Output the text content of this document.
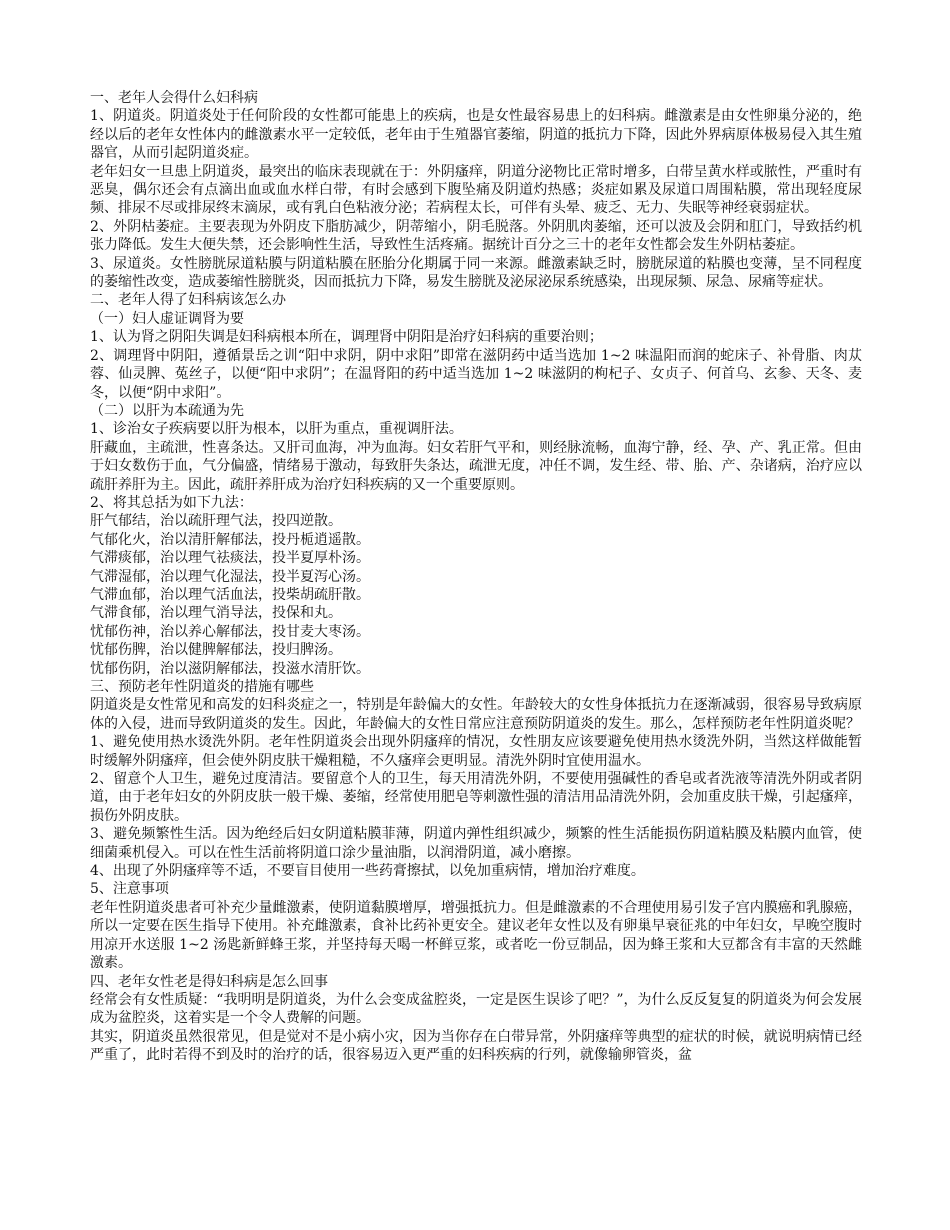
一、老年人会得什么妇科病

1、阴道炎。阴道炎处于任何阶段的女性都可能患上的疾病，也是女性最容易患上的妇科病。雌激素是由女性卵巢分泌的，绝经以后的老年女性体内的雌激素水平一定较低，老年由于生殖器官萎缩，阴道的抵抗力下降，因此外界病原体极易侵入其生殖器官，从而引起阴道炎症。

老年妇女一旦患上阴道炎，最突出的临床表现就在于：外阴瘙痒，阴道分泌物比正常时增多，白带呈黄水样或脓性，严重时有恶臭，偶尔还会有点滴出血或血水样白带，有时会感到下腹坠痛及阴道灼热感；炎症如累及尿道口周围粘膜，常出现轻度尿频、排尿不尽或排尿终末滴尿，或有乳白色粘液分泌；若病程太长，可伴有头晕、疲乏、无力、失眠等神经衰弱症状。

2、外阴枯萎症。主要表现为外阴皮下脂肪减少，阴蒂缩小，阴毛脱落。外阴肌肉萎缩，还可以波及会阴和肛门，导致括约机张力降低。发生大便失禁，还会影响性生活，导致性生活疼痛。据统计百分之三十的老年女性都会发生外阴枯萎症。

3、尿道炎。女性膀胱尿道粘膜与阴道粘膜在胚胎分化期属于同一来源。雌激素缺乏时，膀胱尿道的粘膜也变薄，呈不同程度的萎缩性改变，造成萎缩性膀胱炎，因而抵抗力下降，易发生膀胱及泌尿泌尿系统感染，出现尿频、尿急、尿痛等症状。

二、老年人得了妇科病该怎么办

（一）妇人虚证调肾为要

1、认为肾之阴阳失调是妇科病根本所在，调理肾中阴阳是治疗妇科病的重要治则；

2、调理肾中阴阳，遵循景岳之训“阳中求阴，阴中求阳”即常在滋阴药中适当选加 1~2 味温阳而润的蛇床子、补骨脂、肉苁蓉、仙灵脾、菟丝子，以便“阳中求阴”；在温肾阳的药中适当选加 1~2 味滋阴的枸杞子、女贞子、何首乌、玄参、天冬、麦冬，以便“阴中求阳”。

（二）以肝为本疏通为先

1、诊治女子疾病要以肝为根本，以肝为重点，重视调肝法。

肝藏血，主疏泄，性喜条达。又肝司血海，冲为血海。妇女若肝气平和，则经脉流畅，血海宁静，经、孕、产、乳正常。但由于妇女数伤于血，气分偏盛，情绪易于激动，每致肝失条达，疏泄无度，冲任不调，发生经、带、胎、产、杂诸病，治疗应以疏肝养肝为主。因此，疏肝养肝成为治疗妇科疾病的又一个重要原则。

2、将其总括为如下九法：

肝气郁结，治以疏肝理气法，投四逆散。

气郁化火，治以清肝解郁法，投丹栀逍遥散。

气滞痰郁，治以理气祛痰法，投半夏厚朴汤。

气滞湿郁，治以理气化湿法，投半夏泻心汤。

气滞血郁，治以理气活血法，投柴胡疏肝散。

气滞食郁，治以理气消导法，投保和丸。

忧郁伤神，治以养心解郁法，投甘麦大枣汤。

忧郁伤脾，治以健脾解郁法，投归脾汤。

忧郁伤阴，治以滋阴解郁法，投滋水清肝饮。

三、预防老年性阴道炎的措施有哪些

阴道炎是女性常见和高发的妇科炎症之一，特别是年龄偏大的女性。年龄较大的女性身体抵抗力在逐渐减弱，很容易导致病原体的入侵，进而导致阴道炎的发生。因此，年龄偏大的女性日常应注意预防阴道炎的发生。那么，怎样预防老年性阴道炎呢？

1、避免使用热水烫洗外阴。老年性阴道炎会出现外阴瘙痒的情况，女性朋友应该要避免使用热水烫洗外阴，当然这样做能暂时缓解外阴瘙痒，但会使外阴皮肤干燥粗糙，不久瘙痒会更明显。清洗外阴时宜使用温水。

2、留意个人卫生，避免过度清洁。要留意个人的卫生，每天用清洗外阴，不要使用强碱性的香皂或者洗液等清洗外阴或者阴道，由于老年妇女的外阴皮肤一般干燥、萎缩，经常使用肥皂等刺激性强的清洁用品清洗外阴，会加重皮肤干燥，引起瘙痒，损伤外阴皮肤。

3、避免频繁性生活。因为绝经后妇女阴道粘膜菲薄，阴道内弹性组织减少，频繁的性生活能损伤阴道粘膜及粘膜内血管，使细菌乘机侵入。可以在性生活前将阴道口涂少量油脂，以润滑阴道，减小磨擦。

4、出现了外阴瘙痒等不适，不要盲目使用一些药膏擦拭，以免加重病情，增加治疗难度。

5、注意事项

老年性阴道炎患者可补充少量雌激素，使阴道黏膜增厚，增强抵抗力。但是雌激素的不合理使用易引发子宫内膜癌和乳腺癌，所以一定要在医生指导下使用。补充雌激素，食补比药补更安全。建议老年女性以及有卵巢早衰征兆的中年妇女，早晚空腹时用凉开水送服 1~2 汤匙新鲜蜂王浆，并坚持每天喝一杯鲜豆浆，或者吃一份豆制品，因为蜂王浆和大豆都含有丰富的天然雌激素。

四、老年女性老是得妇科病是怎么回事

经常会有女性质疑：“我明明是阴道炎，为什么会变成盆腔炎，一定是医生误诊了吧？”，为什么反反复复的阴道炎为何会发展成为盆腔炎，这着实是一个令人费解的问题。

其实，阴道炎虽然很常见，但是觉对不是小病小灾，因为当你存在白带异常，外阴瘙痒等典型的症状的时候，就说明病情已经严重了，此时若得不到及时的治疗的话，很容易迈入更严重的妇科疾病的行列，就像输卵管炎，盆
